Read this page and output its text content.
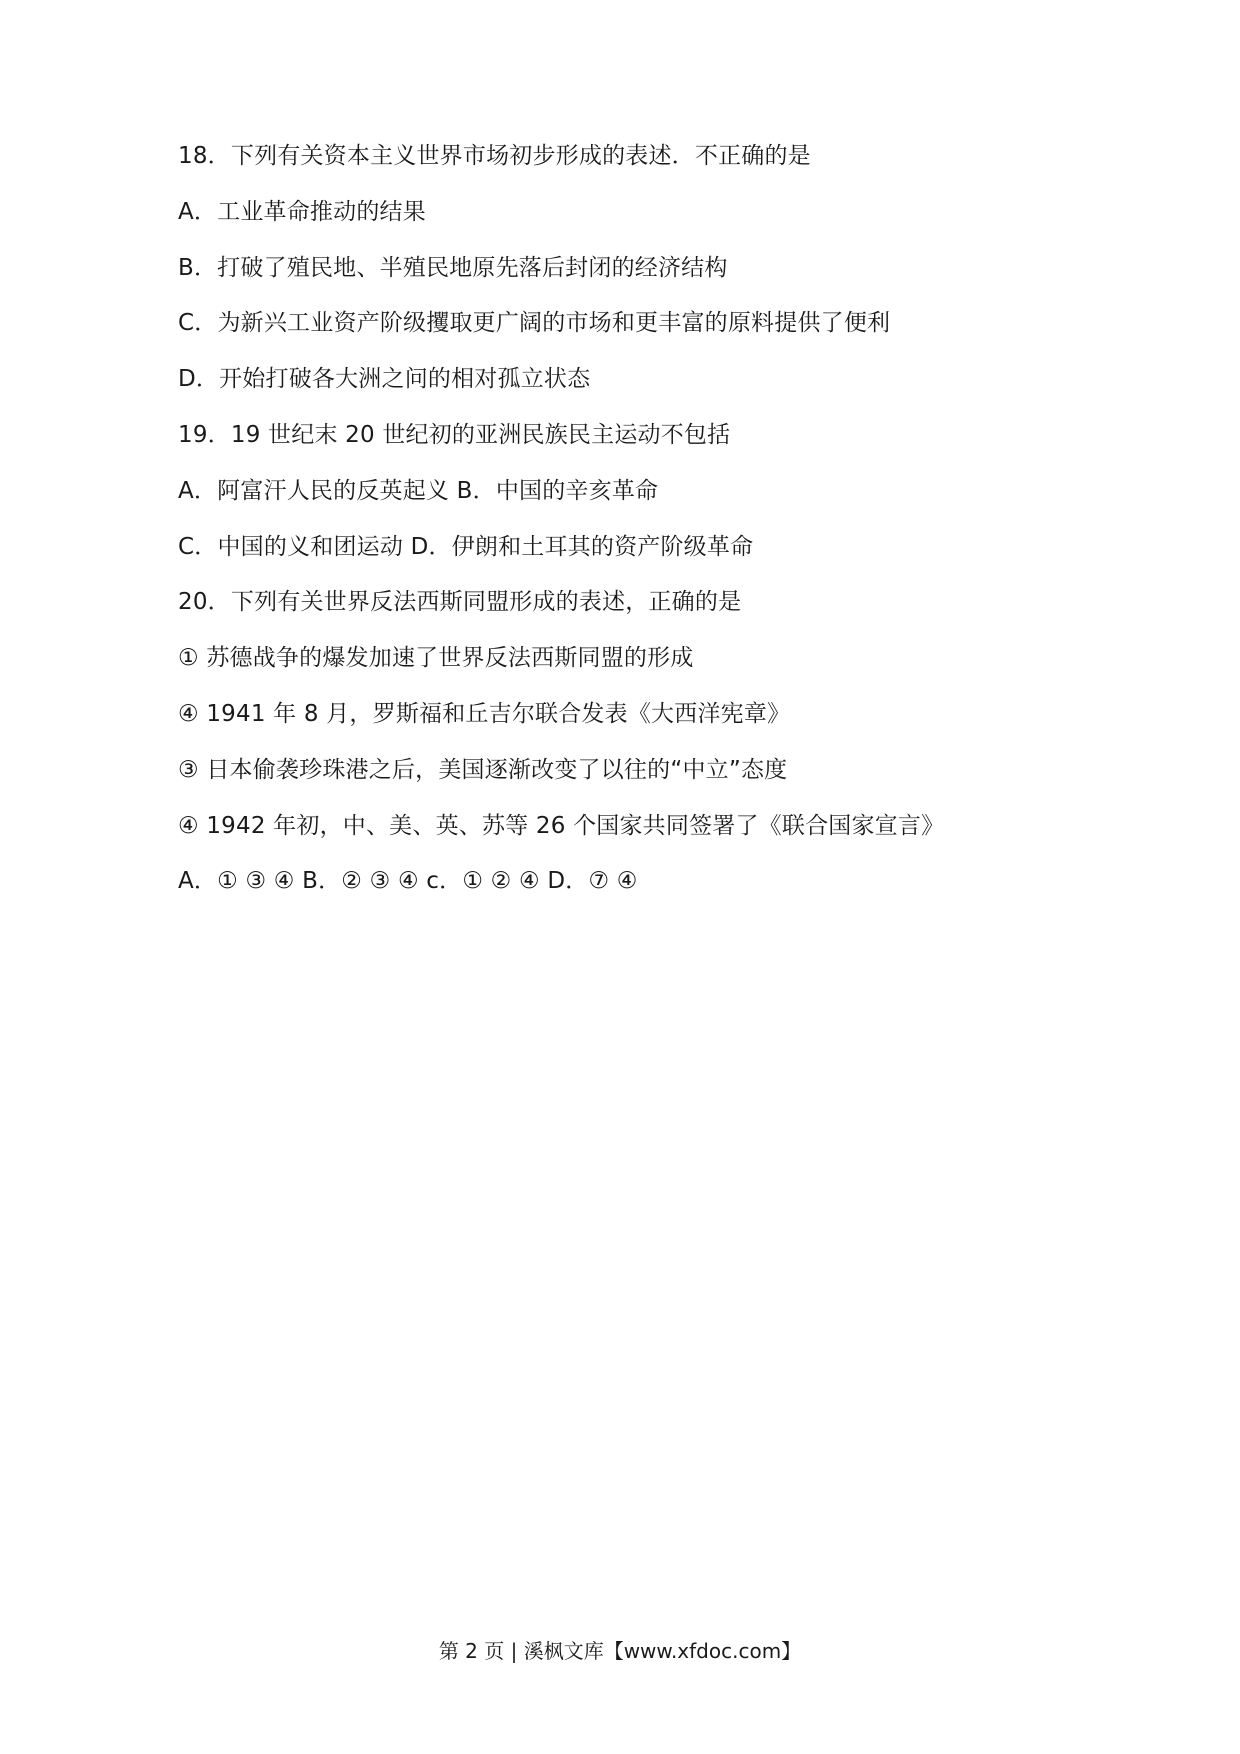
18．下列有关资本主义世界市场初步形成的表述．不正确的是
A．工业革命推动的结果
B．打破了殖民地、半殖民地原先落后封闭的经济结构
C．为新兴工业资产阶级攫取更广阔的市场和更丰富的原料提供了便利
D．开始打破各大洲之问的相对孤立状态
19．19 世纪末 20 世纪初的亚洲民族民主运动不包括
A．阿富汗人民的反英起义 B．中国的辛亥革命
C．中国的义和团运动 D．伊朗和土耳其的资产阶级革命
20．下列有关世界反法西斯同盟形成的表述，正确的是
① 苏德战争的爆发加速了世界反法西斯同盟的形成
④ 1941 年 8 月，罗斯福和丘吉尔联合发表《大西洋宪章》
③ 日本偷袭珍珠港之后，美国逐渐改变了以往的“中立”态度
④ 1942 年初，中、美、英、苏等 26 个国家共同签署了《联合国家宣言》
A．① ③ ④ B．② ③ ④ c．① ② ④ D．⑦ ④
第 2 页 | 溪枫文库【www.xfdoc.com】
